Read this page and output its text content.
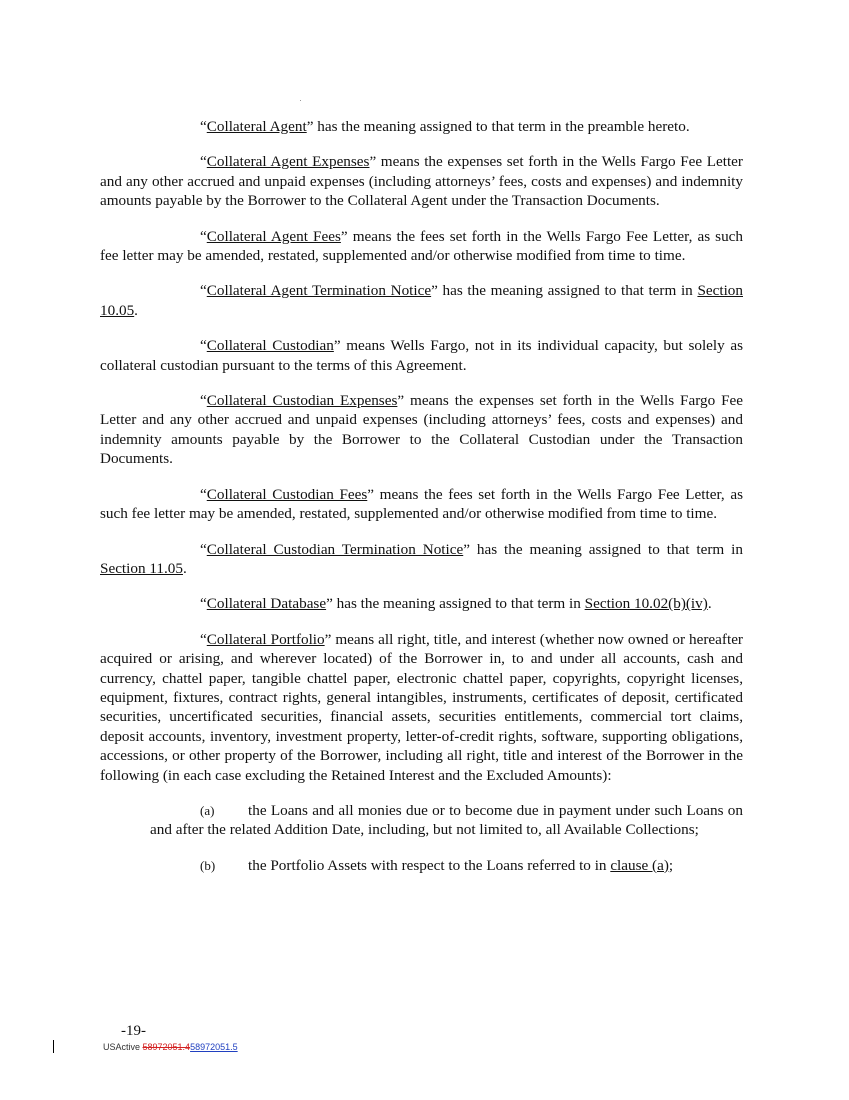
“Collateral Agent” has the meaning assigned to that term in the preamble hereto.

“Collateral Agent Expenses” means the expenses set forth in the Wells Fargo Fee Letter and any other accrued and unpaid expenses (including attorneys’ fees, costs and expenses) and indemnity amounts payable by the Borrower to the Collateral Agent under the Transaction Documents.

“Collateral Agent Fees” means the fees set forth in the Wells Fargo Fee Letter, as such fee letter may be amended, restated, supplemented and/or otherwise modified from time to time.

“Collateral Agent Termination Notice” has the meaning assigned to that term in Section 10.05.

“Collateral Custodian” means Wells Fargo, not in its individual capacity, but solely as collateral custodian pursuant to the terms of this Agreement.

“Collateral Custodian Expenses” means the expenses set forth in the Wells Fargo Fee Letter and any other accrued and unpaid expenses (including attorneys’ fees, costs and expenses) and indemnity amounts payable by the Borrower to the Collateral Custodian under the Transaction Documents.

“Collateral Custodian Fees” means the fees set forth in the Wells Fargo Fee Letter, as such fee letter may be amended, restated, supplemented and/or otherwise modified from time to time.

“Collateral Custodian Termination Notice” has the meaning assigned to that term in Section 11.05.

“Collateral Database” has the meaning assigned to that term in Section 10.02(b)(iv).

“Collateral Portfolio” means all right, title, and interest (whether now owned or hereafter acquired or arising, and wherever located) of the Borrower in, to and under all accounts, cash and currency, chattel paper, tangible chattel paper, electronic chattel paper, copyrights, copyright licenses, equipment, fixtures, contract rights, general intangibles, instruments, certificates of deposit, certificated securities, uncertificated securities, financial assets, securities entitlements, commercial tort claims, deposit accounts, inventory, investment property, letter-of-credit rights, software, supporting obligations, accessions, or other property of the Borrower, including all right, title and interest of the Borrower in the following (in each case excluding the Retained Interest and the Excluded Amounts):

(a) the Loans and all monies due or to become due in payment under such Loans on and after the related Addition Date, including, but not limited to, all Available Collections;

(b) the Portfolio Assets with respect to the Loans referred to in clause (a);

-19-
USActive 58972051.458972051.5
